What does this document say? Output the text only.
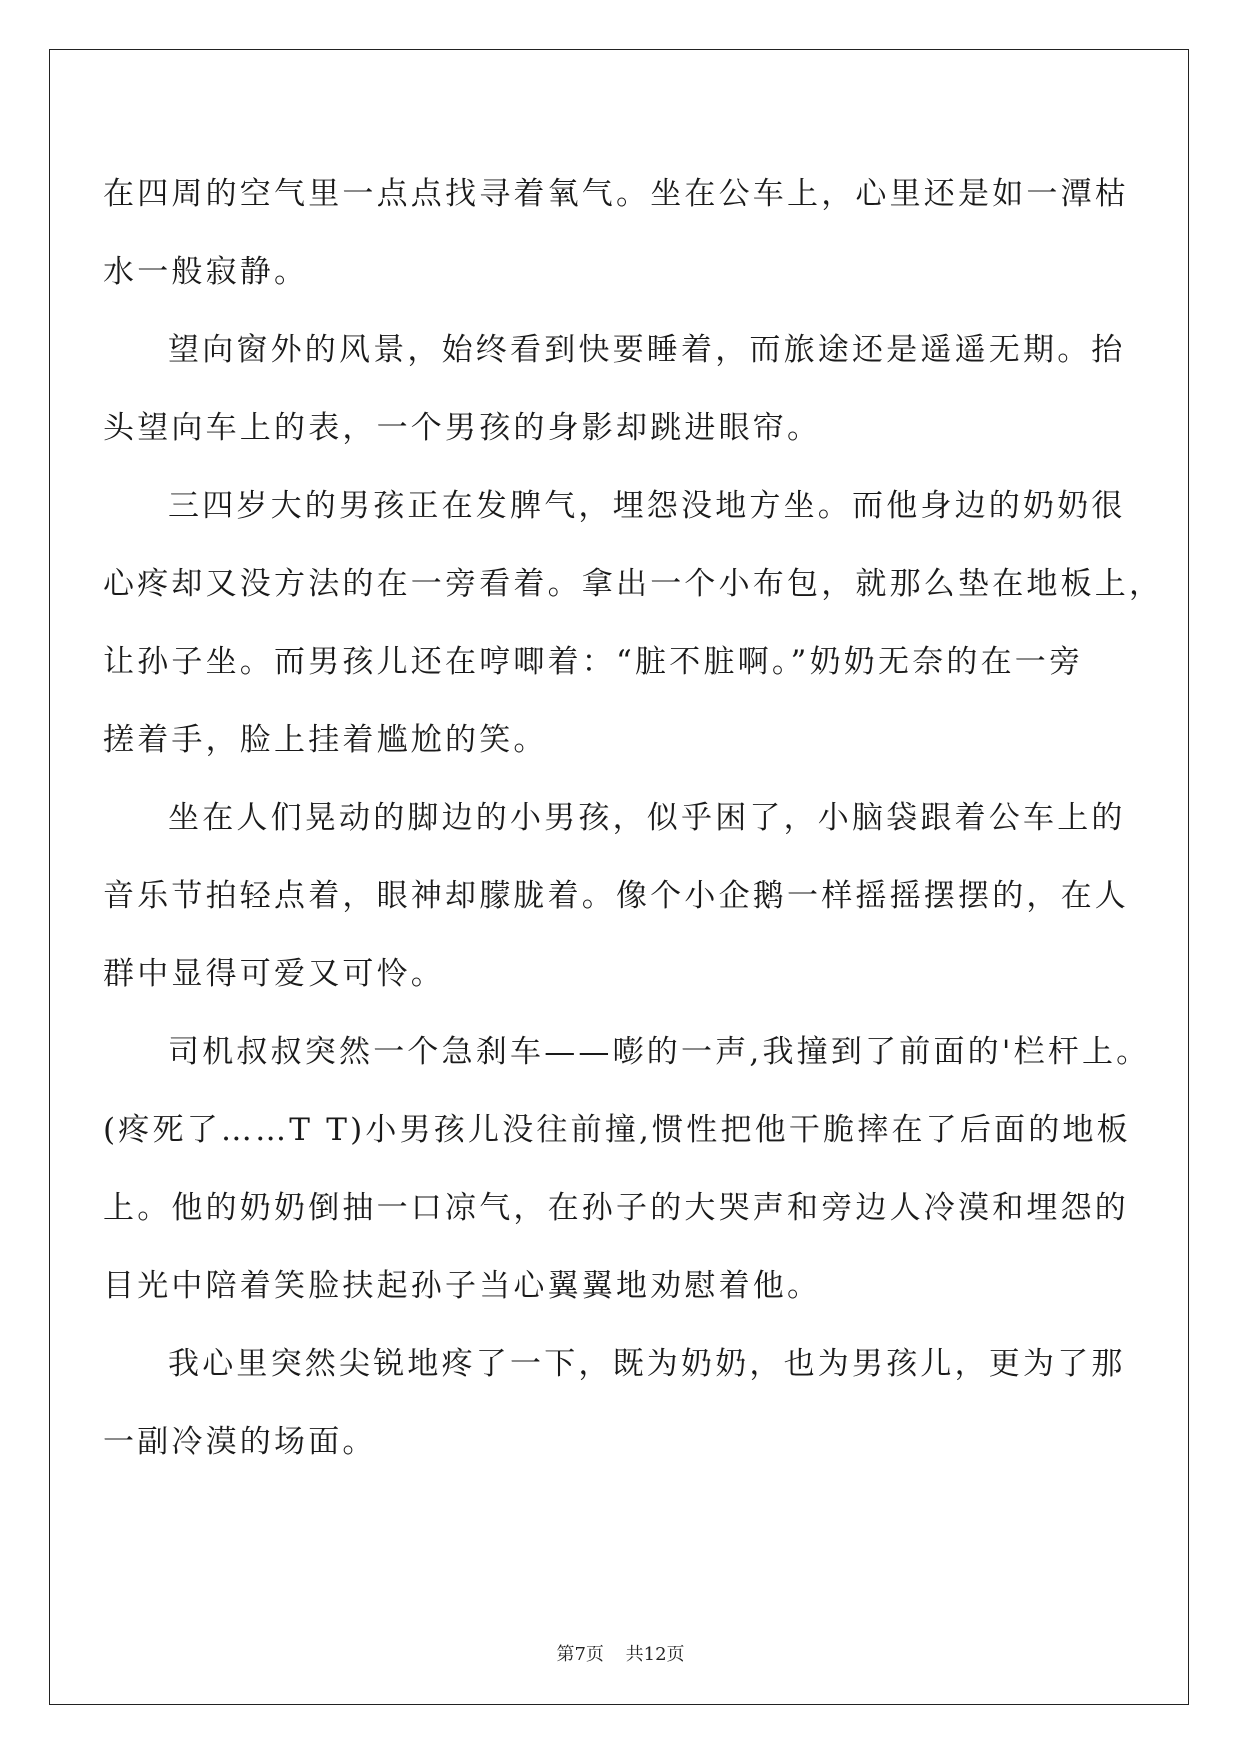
在四周的空气里一点点找寻着氧气。坐在公车上，心里还是如一潭枯
水一般寂静。
望向窗外的风景，始终看到快要睡着，而旅途还是遥遥无期。抬
头望向车上的表，一个男孩的身影却跳进眼帘。
三四岁大的男孩正在发脾气，埋怨没地方坐。而他身边的奶奶很
心疼却又没方法的在一旁看着。拿出一个小布包，就那么垫在地板上，
让孙子坐。而男孩儿还在哼唧着：“脏不脏啊。”奶奶无奈的在一旁
搓着手，脸上挂着尴尬的笑。
坐在人们晃动的脚边的小男孩，似乎困了，小脑袋跟着公车上的
音乐节拍轻点着，眼神却朦胧着。像个小企鹅一样摇摇摆摆的，在人
群中显得可爱又可怜。
司机叔叔突然一个急刹车——嘭的一声,我撞到了前面的'栏杆上。
(疼死了……T T)小男孩儿没往前撞,惯性把他干脆摔在了后面的地板
上。他的奶奶倒抽一口凉气，在孙子的大哭声和旁边人冷漠和埋怨的
目光中陪着笑脸扶起孙子当心翼翼地劝慰着他。
我心里突然尖锐地疼了一下，既为奶奶，也为男孩儿，更为了那
一副冷漠的场面。
第7页 共12页
